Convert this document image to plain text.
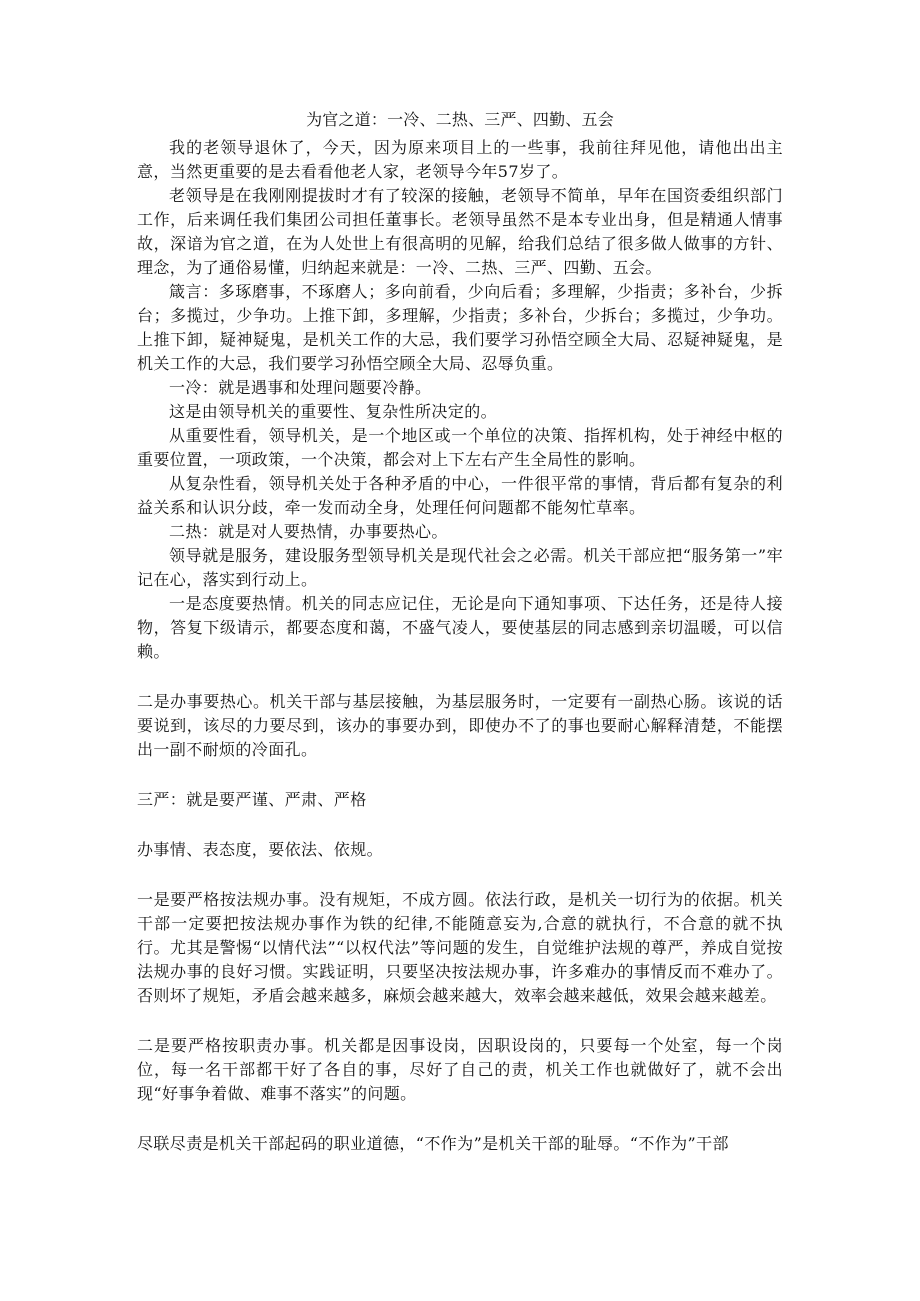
为官之道：一冷、二热、三严、四勤、五会
我的老领导退休了，今天，因为原来项目上的一些事，我前往拜见他，请他出出主意，当然更重要的是去看看他老人家，老领导今年57岁了。
老领导是在我刚刚提拔时才有了较深的接触，老领导不简单，早年在国资委组织部门工作，后来调任我们集团公司担任董事长。老领导虽然不是本专业出身，但是精通人情事故，深谙为官之道，在为人处世上有很高明的见解，给我们总结了很多做人做事的方针、理念，为了通俗易懂，归纳起来就是：一冷、二热、三严、四勤、五会。
箴言：多琢磨事，不琢磨人；多向前看，少向后看；多理解，少指责；多补台，少拆台；多揽过，少争功。上推下卸，多理解，少指责；多补台，少拆台；多揽过，少争功。上推下卸，疑神疑鬼，是机关工作的大忌，我们要学习孙悟空顾全大局、忍疑神疑鬼，是机关工作的大忌，我们要学习孙悟空顾全大局、忍辱负重。
一冷：就是遇事和处理问题要冷静。
这是由领导机关的重要性、复杂性所决定的。
从重要性看，领导机关，是一个地区或一个单位的决策、指挥机构，处于神经中枢的重要位置，一项政策，一个决策，都会对上下左右产生全局性的影响。
从复杂性看，领导机关处于各种矛盾的中心，一件很平常的事情，背后都有复杂的利益关系和认识分歧，牵一发而动全身，处理任何问题都不能匆忙草率。
二热：就是对人要热情，办事要热心。
领导就是服务，建设服务型领导机关是现代社会之必需。机关干部应把“服务第一”牢记在心，落实到行动上。
一是态度要热情。机关的同志应记住，无论是向下通知事项、下达任务，还是待人接物，答复下级请示，都要态度和蔼，不盛气凌人，要使基层的同志感到亲切温暖，可以信赖。
二是办事要热心。机关干部与基层接触，为基层服务时，一定要有一副热心肠。该说的话要说到，该尽的力要尽到，该办的事要办到，即使办不了的事也要耐心解释清楚，不能摆出一副不耐烦的冷面孔。
三严：就是要严谨、严肃、严格
办事情、表态度，要依法、依规。
一是要严格按法规办事。没有规矩，不成方圆。依法行政，是机关一切行为的依据。机关干部一定要把按法规办事作为铁的纪律,不能随意妄为,合意的就执行，不合意的就不执行。尤其是警惕“以情代法”“以权代法”等问题的发生，自觉维护法规的尊严，养成自觉按法规办事的良好习惯。实践证明，只要坚决按法规办事，许多难办的事情反而不难办了。否则坏了规矩，矛盾会越来越多，麻烦会越来越大，效率会越来越低，效果会越来越差。
二是要严格按职责办事。机关都是因事设岗，因职设岗的，只要每一个处室，每一个岗位，每一名干部都干好了各自的事，尽好了自己的责，机关工作也就做好了，就不会出现“好事争着做、难事不落实”的问题。
尽联尽责是机关干部起码的职业道德，“不作为”是机关干部的耻辱。“不作为”干部
